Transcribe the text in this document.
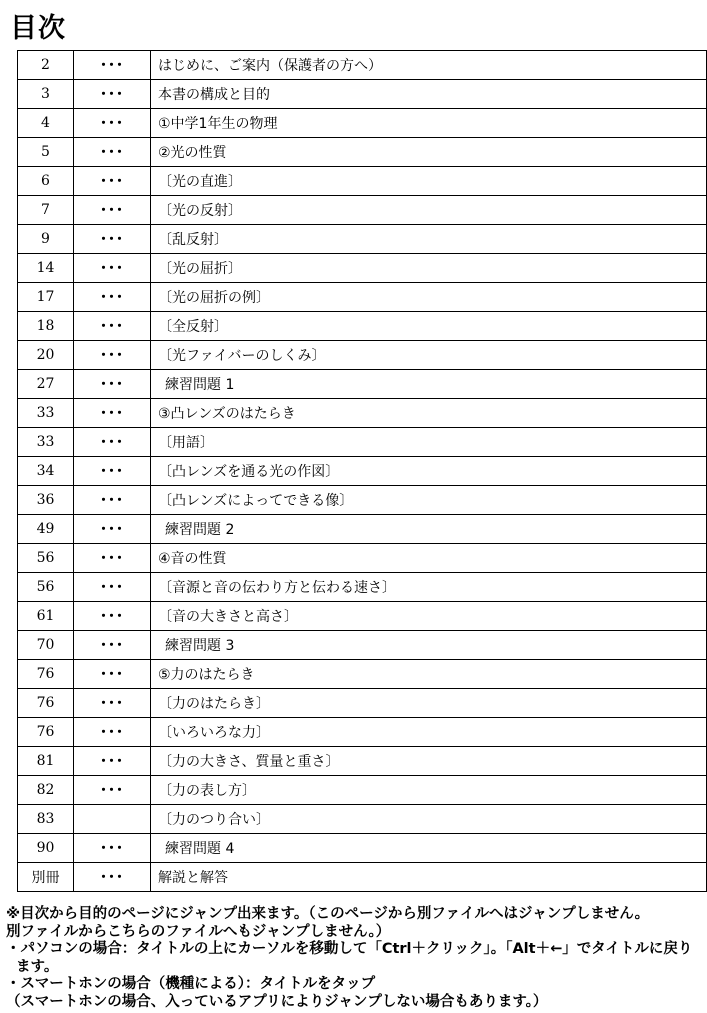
目次
2	･･･	はじめに、ご案内（保護者の方へ）
3	･･･	本書の構成と目的
4	･･･	①中学1年生の物理
5	･･･	②光の性質
6	･･･	〔光の直進〕
7	･･･	〔光の反射〕
9	･･･	〔乱反射〕
14	･･･	〔光の屈折〕
17	･･･	〔光の屈折の例〕
18	･･･	〔全反射〕
20	･･･	〔光ファイバーのしくみ〕
27	･･･	練習問題 1
33	･･･	③凸レンズのはたらき
33	･･･	〔用語〕
34	･･･	〔凸レンズを通る光の作図〕
36	･･･	〔凸レンズによってできる像〕
49	･･･	練習問題 2
56	･･･	④音の性質
56	･･･	〔音源と音の伝わり方と伝わる速さ〕
61	･･･	〔音の大きさと高さ〕
70	･･･	練習問題 3
76	･･･	⑤力のはたらき
76	･･･	〔力のはたらき〕
76	･･･	〔いろいろな力〕
81	･･･	〔力の大きさ、質量と重さ〕
82	･･･	〔力の表し方〕
83		〔力のつり合い〕
90	･･･	練習問題 4
別冊	･･･	解説と解答
※目次から目的のページにジャンプ出来ます。（このページから別ファイルへはジャンプしません。
別ファイルからこちらのファイルへもジャンプしません。）
・パソコンの場合：タイトルの上にカーソルを移動して「Ctrl＋クリック」。「Alt＋←」でタイトルに戻り
ます。
・スマートホンの場合（機種による）：タイトルをタップ
（スマートホンの場合、入っているアプリによりジャンプしない場合もあります。）
